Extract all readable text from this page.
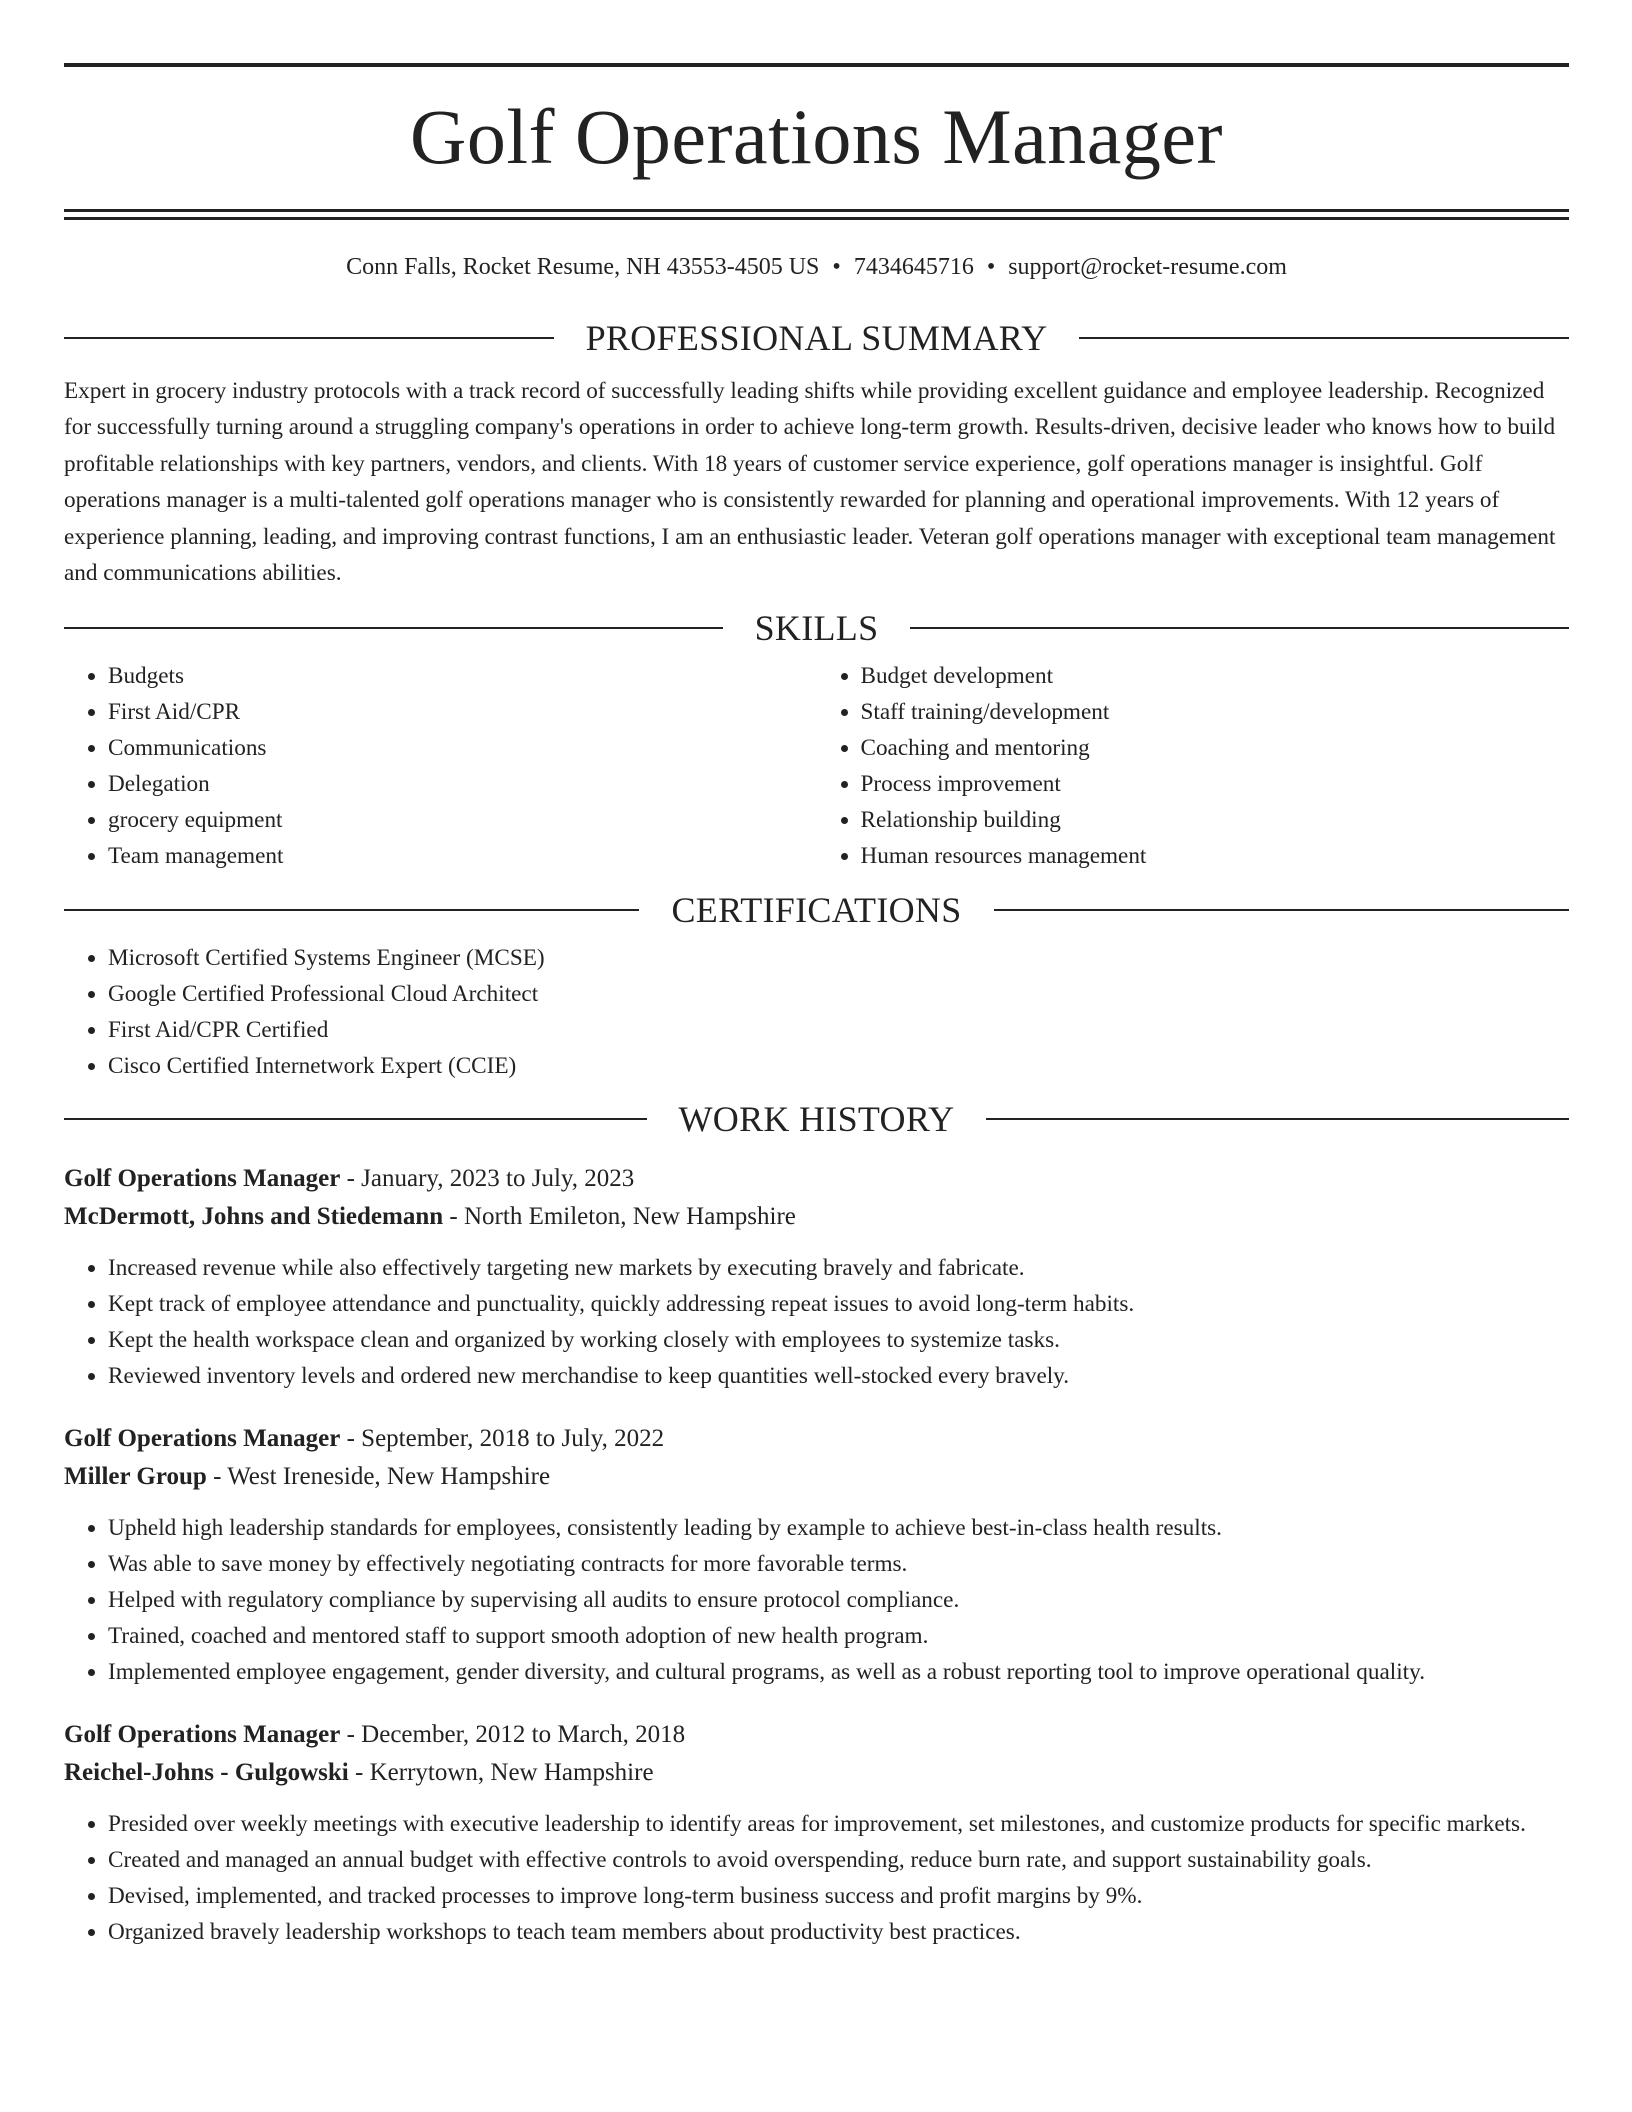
Golf Operations Manager
Conn Falls, Rocket Resume, NH 43553-4505 US • 7434645716 • support@rocket-resume.com
PROFESSIONAL SUMMARY

Expert in grocery industry protocols with a track record of successfully leading shifts while providing excellent guidance and employee leadership. Recognized for successfully turning around a struggling company's operations in order to achieve long-term growth. Results-driven, decisive leader who knows how to build profitable relationships with key partners, vendors, and clients. With 18 years of customer service experience, golf operations manager is insightful. Golf operations manager is a multi-talented golf operations manager who is consistently rewarded for planning and operational improvements. With 12 years of experience planning, leading, and improving contrast functions, I am an enthusiastic leader. Veteran golf operations manager with exceptional team management and communications abilities.

SKILLS
• Budgets
• First Aid/CPR
• Communications
• Delegation
• grocery equipment
• Team management
• Budget development
• Staff training/development
• Coaching and mentoring
• Process improvement
• Relationship building
• Human resources management
CERTIFICATIONS
• Microsoft Certified Systems Engineer (MCSE)
• Google Certified Professional Cloud Architect
• First Aid/CPR Certified
• Cisco Certified Internetwork Expert (CCIE)
WORK HISTORY
Golf Operations Manager - January, 2023 to July, 2023
McDermott, Johns and Stiedemann - North Emileton, New Hampshire
• Increased revenue while also effectively targeting new markets by executing bravely and fabricate.
• Kept track of employee attendance and punctuality, quickly addressing repeat issues to avoid long-term habits.
• Kept the health workspace clean and organized by working closely with employees to systemize tasks.
• Reviewed inventory levels and ordered new merchandise to keep quantities well-stocked every bravely.
Golf Operations Manager - September, 2018 to July, 2022
Miller Group - West Ireneside, New Hampshire
• Upheld high leadership standards for employees, consistently leading by example to achieve best-in-class health results.
• Was able to save money by effectively negotiating contracts for more favorable terms.
• Helped with regulatory compliance by supervising all audits to ensure protocol compliance.
• Trained, coached and mentored staff to support smooth adoption of new health program.
• Implemented employee engagement, gender diversity, and cultural programs, as well as a robust reporting tool to improve operational quality.
Golf Operations Manager - December, 2012 to March, 2018
Reichel-Johns - Gulgowski - Kerrytown, New Hampshire
• Presided over weekly meetings with executive leadership to identify areas for improvement, set milestones, and customize products for specific markets.
• Created and managed an annual budget with effective controls to avoid overspending, reduce burn rate, and support sustainability goals.
• Devised, implemented, and tracked processes to improve long-term business success and profit margins by 9%.
• Organized bravely leadership workshops to teach team members about productivity best practices.
